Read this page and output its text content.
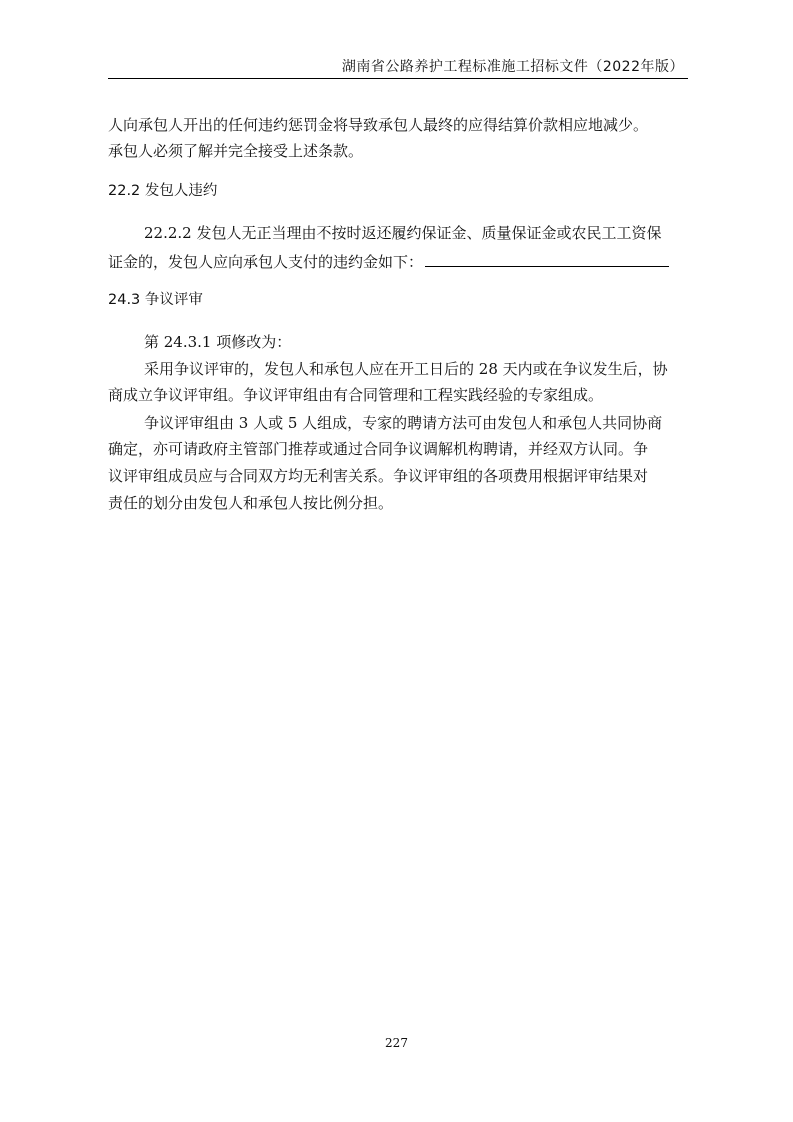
湖南省公路养护工程标准施工招标文件（2022年版）
人向承包人开出的任何违约惩罚金将导致承包人最终的应得结算价款相应地减少。
承包人必须了解并完全接受上述条款。
22.2 发包人违约
22.2.2 发包人无正当理由不按时返还履约保证金、质量保证金或农民工工资保
证金的，发包人应向承包人支付的违约金如下：
24.3 争议评审
第 24.3.1 项修改为：
采用争议评审的，发包人和承包人应在开工日后的 28 天内或在争议发生后，协
商成立争议评审组。争议评审组由有合同管理和工程实践经验的专家组成。
争议评审组由 3 人或 5 人组成，专家的聘请方法可由发包人和承包人共同协商
确定，亦可请政府主管部门推荐或通过合同争议调解机构聘请，并经双方认同。争
议评审组成员应与合同双方均无利害关系。争议评审组的各项费用根据评审结果对
责任的划分由发包人和承包人按比例分担。
227
